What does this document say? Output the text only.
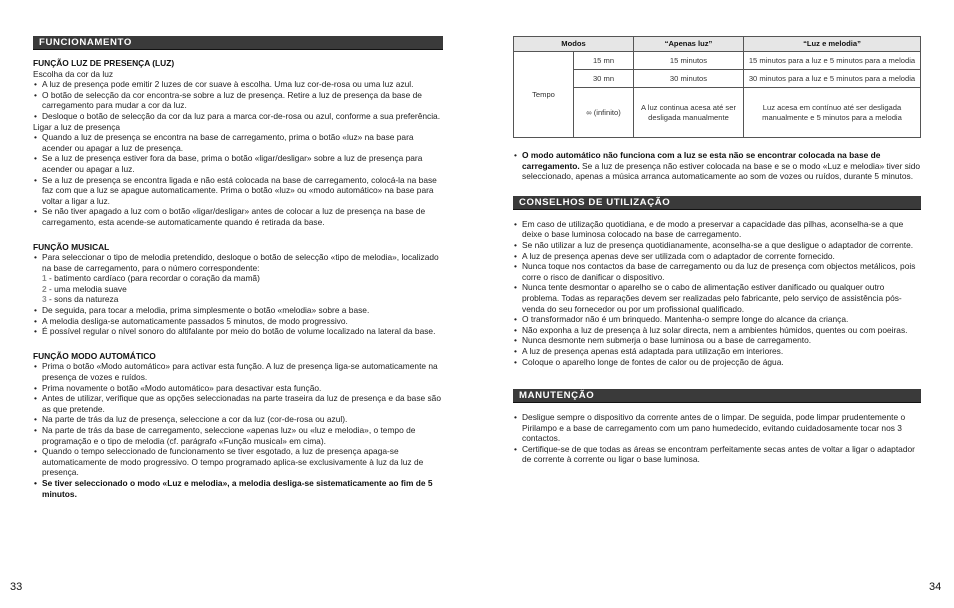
FUNCIONAMENTO
FUNÇÃO LUZ DE PRESENÇA (LUZ)
Escolha da cor da luz
• A luz de presença pode emitir 2 luzes de cor suave à escolha. Uma luz cor-de-rosa ou uma luz azul.
• O botão de selecção da cor encontra-se sobre a luz de presença. Retire a luz de presença da base de carregamento para mudar a cor da luz.
• Desloque o botão de selecção da cor da luz para a marca cor-de-rosa ou azul, conforme a sua preferência.
Ligar a luz de presença
• Quando a luz de presença se encontra na base de carregamento, prima o botão «luz» na base para acender ou apagar a luz de presença.
• Se a luz de presença estiver fora da base, prima o botão «ligar/desligar» sobre a luz de presença para acender ou apagar a luz.
• Se a luz de presença se encontra ligada e não está colocada na base de carregamento, colocá-la na base faz com que a luz se apague automaticamente. Prima o botão «luz» ou «modo automático» na base para voltar a ligar a luz.
• Se não tiver apagado a luz com o botão «ligar/desligar» antes de colocar a luz de presença na base de carregamento, esta acende-se automaticamente quando é retirada da base.
FUNÇÃO MUSICAL
• Para seleccionar o tipo de melodia pretendido, desloque o botão de selecção «tipo de melodia», localizado na base de carregamento, para o número correspondente:
1 - batimento cardíaco (para recordar o coração da mamã)
2 - uma melodia suave
3 - sons da natureza
• De seguida, para tocar a melodia, prima simplesmente o botão «melodia» sobre a base.
• A melodia desliga-se automaticamente passados 5 minutos, de modo progressivo.
• É possível regular o nível sonoro do altifalante por meio do botão de volume localizado na lateral da base.
FUNÇÃO MODO AUTOMÁTICO
• Prima o botão «Modo automático» para activar esta função. A luz de presença liga-se automaticamente na presença de vozes e ruídos.
• Prima novamente o botão «Modo automático» para desactivar esta função.
• Antes de utilizar, verifique que as opções seleccionadas na parte traseira da luz de presença e da base são as que pretende.
• Na parte de trás da luz de presença, seleccione a cor da luz (cor-de-rosa ou azul).
• Na parte de trás da base de carregamento, seleccione «apenas luz» ou «luz e melodia», o tempo de programação e o tipo de melodia (cf. parágrafo «Função musical» em cima).
• Quando o tempo seleccionado de funcionamento se tiver esgotado, a luz de presença apaga-se automaticamente de modo progressivo. O tempo programado aplica-se exclusivamente à luz da luz de presença.
• Se tiver seleccionado o modo «Luz e melodia», a melodia desliga-se sistematicamente ao fim de 5 minutos.
33
Modos		“Apenas luz”	“Luz e melodia”
Tempo	15 mn	15 minutos	15 minutos para a luz e 5 minutos para a melodia
	30 mn	30 minutos	30 minutos para a luz e 5 minutos para a melodia
	∞ (infinito)	A luz continua acesa até ser desligada manualmente	Luz acesa em contínuo até ser desligada manualmente e 5 minutos para a melodia
• O modo automático não funciona com a luz se esta não se encontrar colocada na base de carregamento. Se a luz de presença não estiver colocada na base e se o modo «Luz e melodia» tiver sido seleccionado, apenas a música arranca automaticamente ao som de vozes ou ruídos, durante 5 minutos.
CONSELHOS DE UTILIZAÇÃO
• Em caso de utilização quotidiana, e de modo a preservar a capacidade das pilhas, aconselha-se a que deixe o base luminosa colocado na base de carregamento.
• Se não utilizar a luz de presença quotidianamente, aconselha-se a que desligue o adaptador de corrente.
• A luz de presença apenas deve ser utilizada com o adaptador de corrente fornecido.
• Nunca toque nos contactos da base de carregamento ou da luz de presença com objectos metálicos, pois corre o risco de danificar o dispositivo.
• Nunca tente desmontar o aparelho se o cabo de alimentação estiver danificado ou qualquer outro problema. Todas as reparações devem ser realizadas pelo fabricante, pelo serviço de assistência pós-venda do seu fornecedor ou por um profissional qualificado.
• O transformador não é um brinquedo. Mantenha-o sempre longe do alcance da criança.
• Não exponha a luz de presença à luz solar directa, nem a ambientes húmidos, quentes ou com poeiras.
• Nunca desmonte nem submerja o base luminosa ou a base de carregamento.
• A luz de presença apenas está adaptada para utilização em interiores.
• Coloque o aparelho longe de fontes de calor ou de projecção de água.
MANUTENÇÃO
• Desligue sempre o dispositivo da corrente antes de o limpar. De seguida, pode limpar prudentemente o Pirilampo e a base de carregamento com um pano humedecido, evitando cuidadosamente tocar nos 3 contactos.
• Certifique-se de que todas as áreas se encontram perfeitamente secas antes de voltar a ligar o adaptador de corrente à corrente ou ligar o base luminosa.
34
